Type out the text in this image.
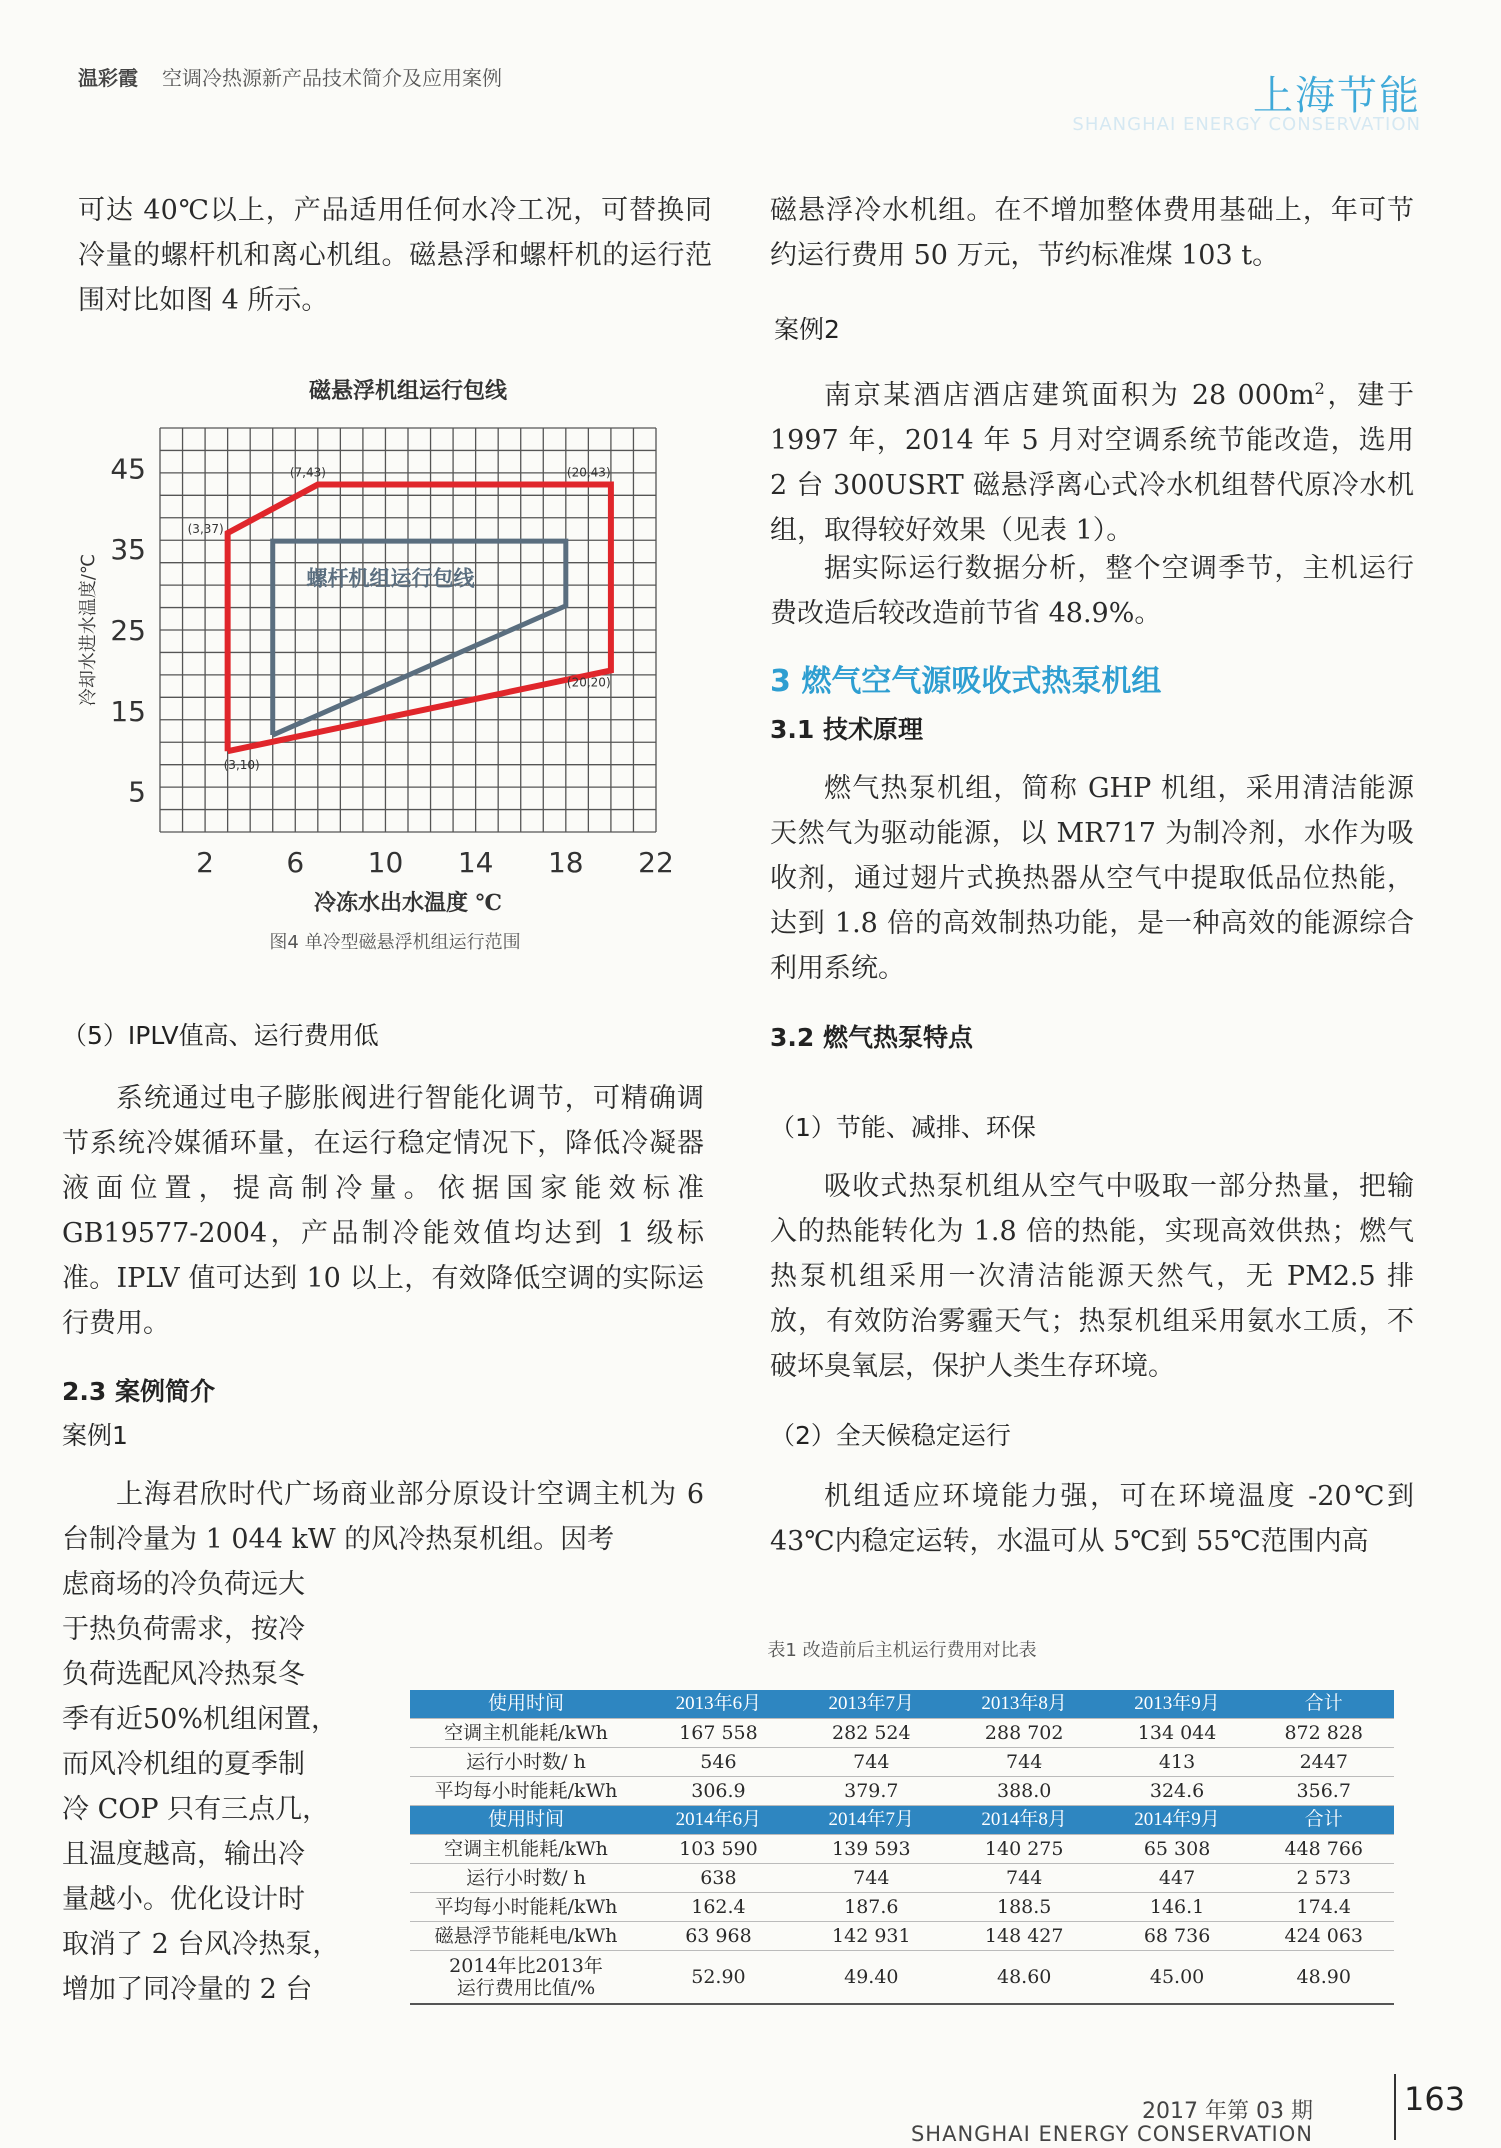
温彩霞 空调冷热源新产品技术简介及应用案例	上海节能
SHANGHAI ENERGY CONSERVATION

可达 40℃以上，产品适用任何水冷工况，可替换同冷量的螺杆机和离心机组。磁悬浮和螺杆机的运行范围对比如图 4 所示。

2	6 10 14 18 22
5
15
25
35
45
磁悬浮机组运行包线
冷冻水出水温度 ℃
冷却水进水温度/℃	螺杆机组运行包线
(3,37)
(7,43)	(20,43)
(20,20)
(3,10)
图4 单冷型磁悬浮机组运行范围
（5）IPLV值高、运行费用低

系统通过电子膨胀阀进行智能化调节，可精确调节系统冷媒循环量，在运行稳定情况下，降低冷凝器液面位置，提高制冷量。依据国家能效标准 GB19577-2004，产品制冷能效值均达到 1 级标准。IPLV 值可达到 10 以上，有效降低空调的实际运行费用。

2.3 案例简介
案例1

上海君欣时代广场商业部分原设计空调主机为 6 台制冷量为 1 044 kW 的风冷热泵机组。因考

虑商场的冷负荷远大
于热负荷需求，按冷
负荷选配风冷热泵冬
季有近50%机组闲置，
而风冷机组的夏季制
冷 COP 只有三点几，
且温度越高，输出冷
量越小。优化设计时
取消了 2 台风冷热泵，
增加了同冷量的 2 台

磁悬浮冷水机组。在不增加整体费用基础上，年可节约运行费用 50 万元，节约标准煤 103 t。

案例2

南京某酒店酒店建筑面积为 28 $000m^2$，建于 1997 年，2014 年 5 月对空调系统节能改造，选用 2 台 300USRT 磁悬浮离心式冷水机组替代原冷水机组，取得较好效果（见表 1）。

据实际运行数据分析，整个空调季节，主机运行费改造后较改造前节省 48.9%。

3 燃气空气源吸收式热泵机组
3.1 技术原理

燃气热泵机组，简称 GHP 机组，采用清洁能源天然气为驱动能源，以 MR717 为制冷剂，水作为吸收剂，通过翅片式换热器从空气中提取低品位热能，达到 1.8 倍的高效制热功能，是一种高效的能源综合利用系统。

3.2 燃气热泵特点
（1）节能、减排、环保

吸收式热泵机组从空气中吸取一部分热量，把输入的热能转化为 1.8 倍的热能，实现高效供热；燃气热泵机组采用一次清洁能源天然气，无 PM2.5 排放，有效防治雾霾天气；热泵机组采用氨水工质，不破坏臭氧层，保护人类生存环境。

（2）全天候稳定运行

机组适应环境能力强，可在环境温度 -20℃到 43℃内稳定运转，水温可从 5℃到 55℃范围内高

表1 改造前后主机运行费用对比表
使用时间	2013年6月	2013年7月	2013年8月	2013年9月	合计
空调主机能耗/kWh	167 558	282 524	288 702	134 044	872 828
运行小时数/ h	546	744	744	413	2447
平均每小时能耗/kWh	306.9	379.7	388.0	324.6	356.7
使用时间	2014年6月	2014年7月	2014年8月	2014年9月	合计
空调主机能耗/kWh	103 590	139 593	140 275	65 308	448 766
运行小时数/ h	638	744	744	447	2 573
平均每小时能耗/kWh	162.4	187.6	188.5	146.1	174.4
磁悬浮节能耗电/kWh	63 968	142 931	148 427	68 736	424 063
2014年比2013年
运行费用比值/%	52.90	49.40	48.60	45.00	48.90
2017 年第 03 期
SHANGHAI ENERGY CONSERVATION
163
